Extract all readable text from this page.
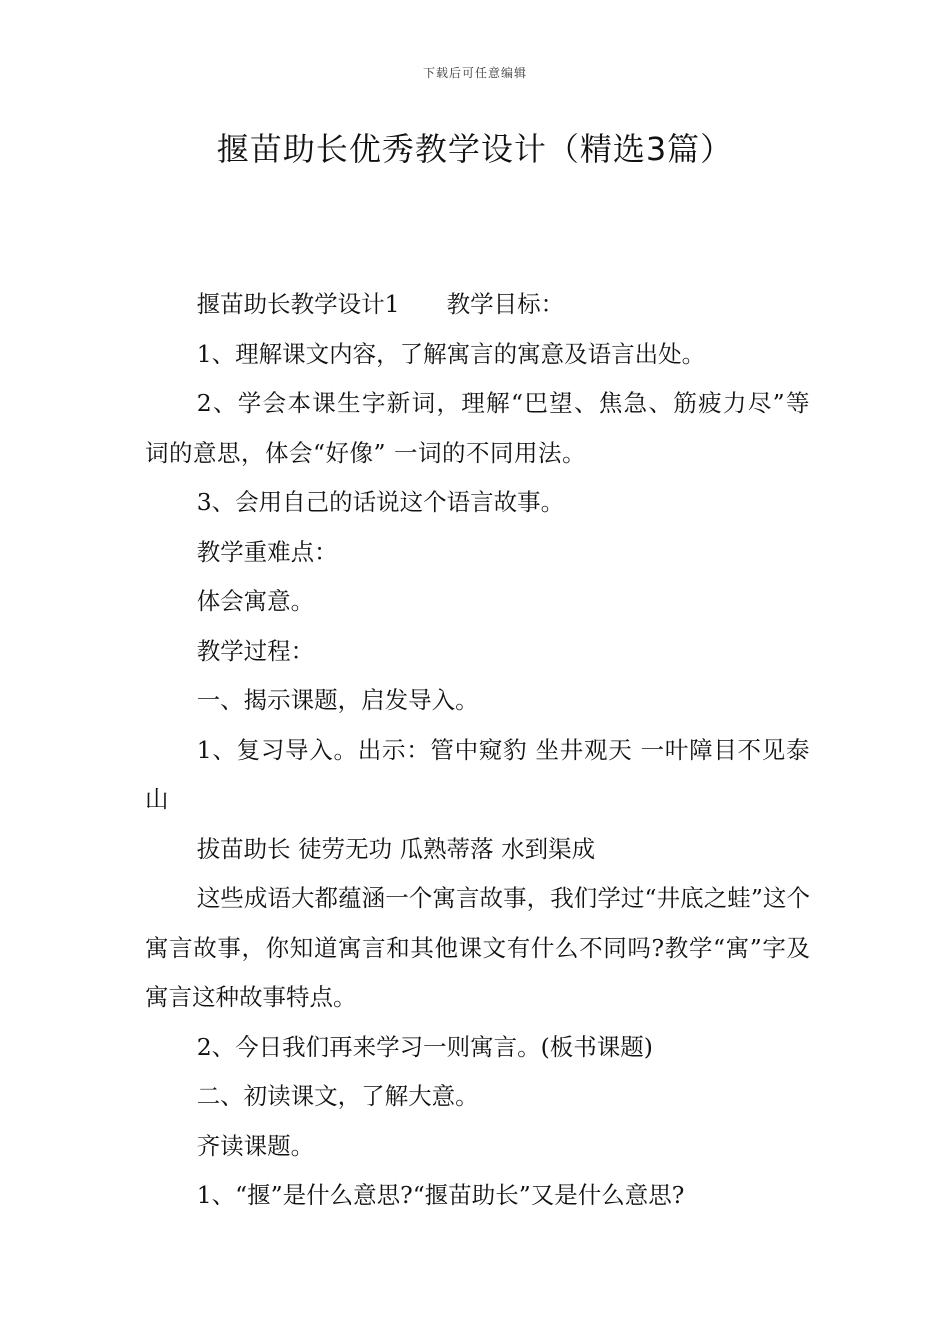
下载后可任意编辑
揠苗助长优秀教学设计（精选3篇）

揠苗助长教学设计1　　教学目标：

1、理解课文内容，了解寓言的寓意及语言出处。

2、学会本课生字新词，理解“巴望、焦急、筋疲力尽”等词的意思，体会“好像” 一词的不同用法。

3、会用自己的话说这个语言故事。

教学重难点：

体会寓意。

教学过程：

一、揭示课题，启发导入。

1、复习导入。出示：管中窥豹 坐井观天 一叶障目不见泰山

拔苗助长 徒劳无功 瓜熟蒂落 水到渠成

这些成语大都蕴涵一个寓言故事，我们学过“井底之蛙”这个寓言故事，你知道寓言和其他课文有什么不同吗?教学“寓”字及寓言这种故事特点。

2、今日我们再来学习一则寓言。(板书课题)

二、初读课文，了解大意。

齐读课题。

1、“揠”是什么意思?“揠苗助长”又是什么意思?
